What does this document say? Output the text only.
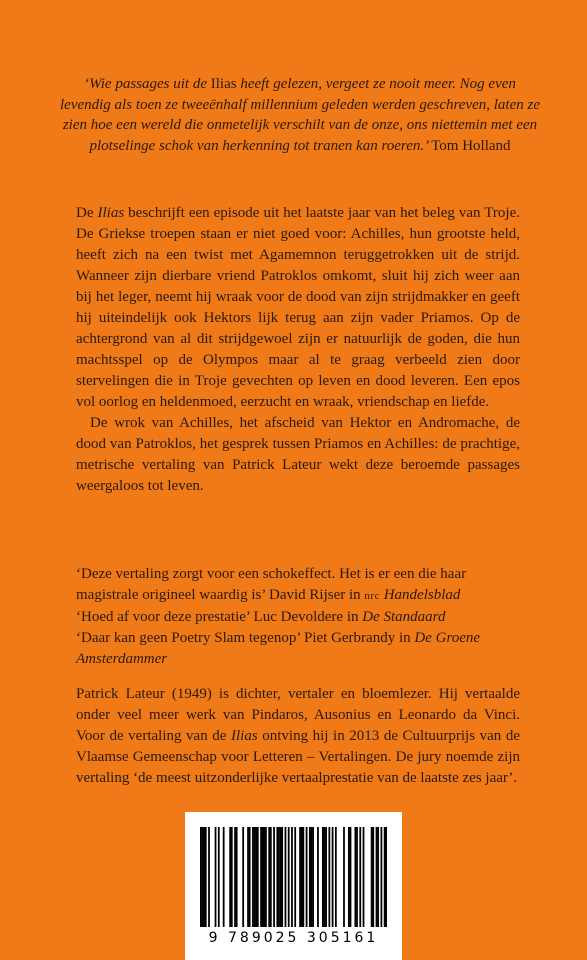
‘Wie passages uit de Ilias heeft gelezen, vergeet ze nooit meer. Nog even levendig als toen ze tweeënhalf millennium geleden werden geschreven, laten ze zien hoe een wereld die onmetelijk verschilt van de onze, ons niettemin met een plotselinge schok van herkenning tot tranen kan roeren.’ Tom Holland

De Ilias beschrijft een episode uit het laatste jaar van het beleg van Troje. De Griekse troepen staan er niet goed voor: Achilles, hun grootste held, heeft zich na een twist met Agamemnon teruggetrokken uit de strijd. Wanneer zijn dierbare vriend Patroklos omkomt, sluit hij zich weer aan bij het leger, neemt hij wraak voor de dood van zijn strijdmakker en geeft hij uiteindelijk ook Hektors lijk terug aan zijn vader Priamos. Op de achtergrond van al dit strijdgewoel zijn er natuurlijk de goden, die hun machtsspel op de Olympos maar al te graag verbeeld zien door stervelingen die in Troje gevechten op leven en dood leveren. Een epos vol oorlog en heldenmoed, eerzucht en wraak, vriendschap en liefde.

De wrok van Achilles, het afscheid van Hektor en Andromache, de dood van Patroklos, het gesprek tussen Priamos en Achilles: de prachtige, metrische vertaling van Patrick Lateur wekt deze beroemde passages weergaloos tot leven.

‘Deze vertaling zorgt voor een schokeffect. Het is er een die haar magistrale origineel waardig is’ David Rijser in nrc Handelsblad

‘Hoed af voor deze prestatie’ Luc Devoldere in De Standaard

‘Daar kan geen Poetry Slam tegenop’ Piet Gerbrandy in De Groene Amsterdammer

Patrick Lateur (1949) is dichter, vertaler en bloemlezer. Hij vertaalde onder veel meer werk van Pindaros, Ausonius en Leonardo da Vinci. Voor de vertaling van de Ilias ontving hij in 2013 de Cultuurprijs van de Vlaamse Gemeenschap voor Letteren – Vertalingen. De jury noemde zijn vertaling ‘de meest uitzonderlijke vertaalprestatie van de laatste zes jaar’.

9 789025 305161
